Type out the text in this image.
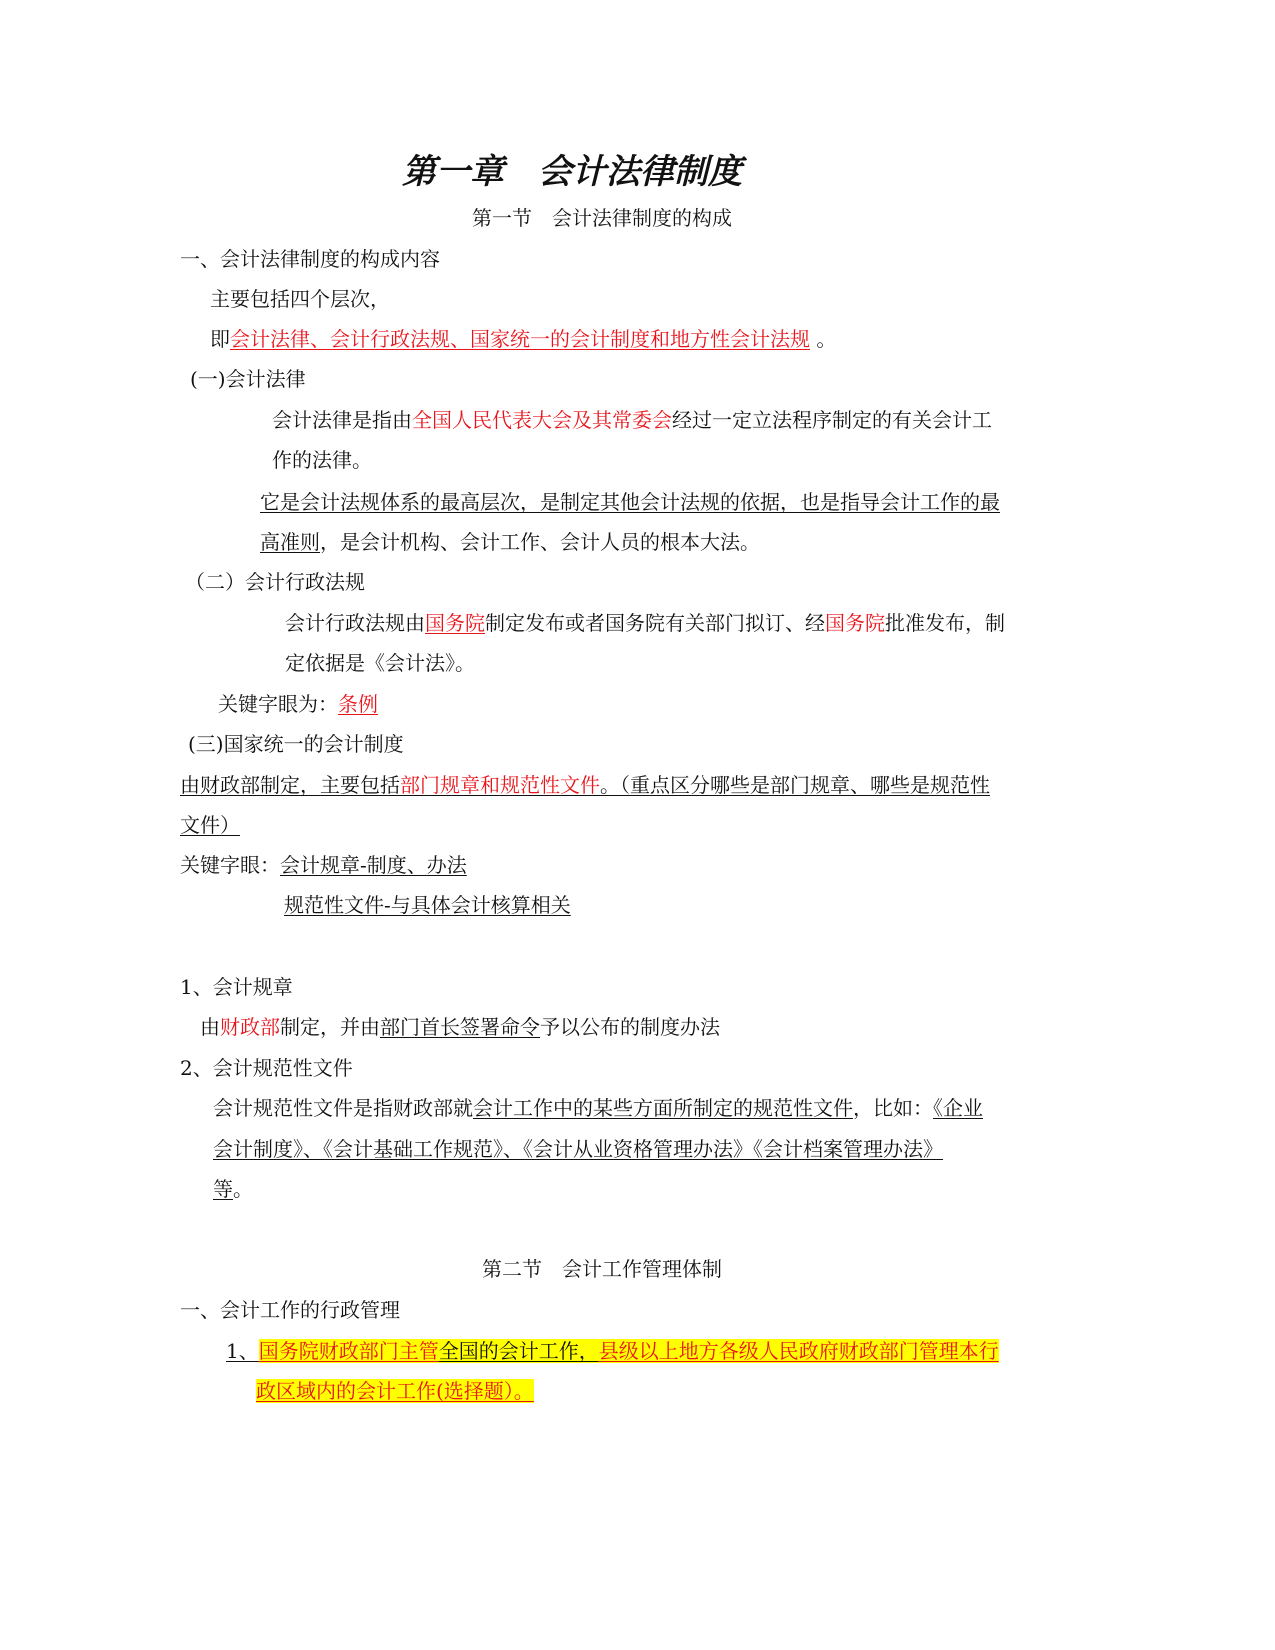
第一章　会计法律制度
第一节　会计法律制度的构成
一、会计法律制度的构成内容
主要包括四个层次，
即会计法律、会计行政法规、国家统一的会计制度和地方性会计法规 。
(一)会计法律
会计法律是指由全国人民代表大会及其常委会经过一定立法程序制定的有关会计工
作的法律。
它是会计法规体系的最高层次，是制定其他会计法规的依据，也是指导会计工作的最
高准则，是会计机构、会计工作、会计人员的根本大法。
（二）会计行政法规
会计行政法规由国务院制定发布或者国务院有关部门拟订、经国务院批准发布，制
定依据是《会计法》。
关键字眼为：条例
(三)国家统一的会计制度
由财政部制定，主要包括部门规章和规范性文件。（重点区分哪些是部门规章、哪些是规范性
文件）
关键字眼：会计规章-制度、办法
规范性文件-与具体会计核算相关
1、会计规章
由财政部制定，并由部门首长签署命令予以公布的制度办法
2、会计规范性文件
会计规范性文件是指财政部就会计工作中的某些方面所制定的规范性文件，比如：《企业
会计制度》、《会计基础工作规范》、《会计从业资格管理办法》《会计档案管理办法》
等。
第二节　会计工作管理体制
一、会计工作的行政管理
1、国务院财政部门主管全国的会计工作，县级以上地方各级人民政府财政部门管理本行
政区域内的会计工作(选择题）。
